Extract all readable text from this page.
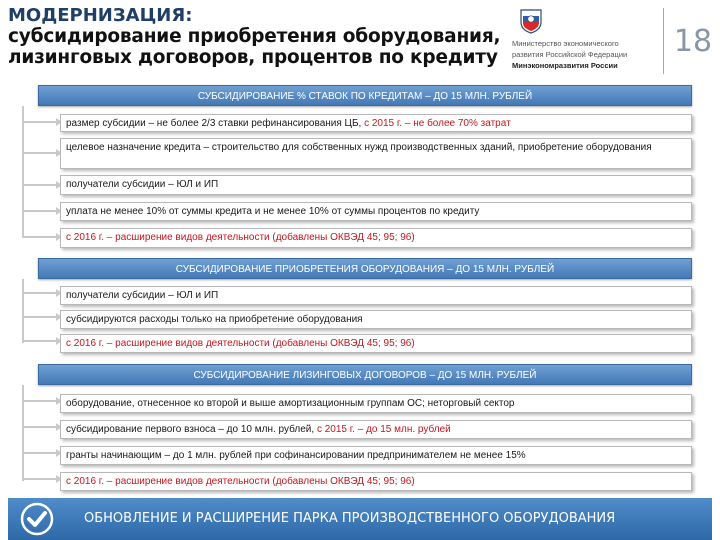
МОДЕРНИЗАЦИЯ:
субсидирование приобретения оборудования,
лизинговых договоров, процентов по кредиту
Министерство экономического
развития Российской Федерации
Минэкономразвития России
18
СУБСИДИРОВАНИЕ % СТАВОК ПО КРЕДИТАМ – ДО 15 МЛН. РУБЛЕЙ
размер субсидии – не более 2/3 ставки рефинансирования ЦБ, с 2015 г. – не более 70% затрат
целевое назначение кредита – строительство для собственных нужд производственных зданий, приобретение оборудования
получатели субсидии – ЮЛ и ИП
уплата не менее 10% от суммы кредита и не менее 10% от суммы процентов по кредиту
с 2016 г. – расширение видов деятельности (добавлены ОКВЭД 45; 95; 96)
СУБСИДИРОВАНИЕ ПРИОБРЕТЕНИЯ ОБОРУДОВАНИЯ – ДО 15 МЛН. РУБЛЕЙ
получатели субсидии – ЮЛ и ИП
субсидируются расходы только на приобретение оборудования
с 2016 г. – расширение видов деятельности (добавлены ОКВЭД 45; 95; 96)
СУБСИДИРОВАНИЕ ЛИЗИНГОВЫХ ДОГОВОРОВ – ДО 15 МЛН. РУБЛЕЙ
оборудование, отнесенное ко второй и выше амортизационным группам ОС; неторговый сектор
субсидирование первого взноса – до 10 млн. рублей, с 2015 г. – до 15 млн. рублей
гранты начинающим – до 1 млн. рублей при софинансировании предпринимателем не менее 15%
с 2016 г. – расширение видов деятельности (добавлены ОКВЭД 45; 95; 96)
ОБНОВЛЕНИЕ И РАСШИРЕНИЕ ПАРКА ПРОИЗВОДСТВЕННОГО ОБОРУДОВАНИЯ
